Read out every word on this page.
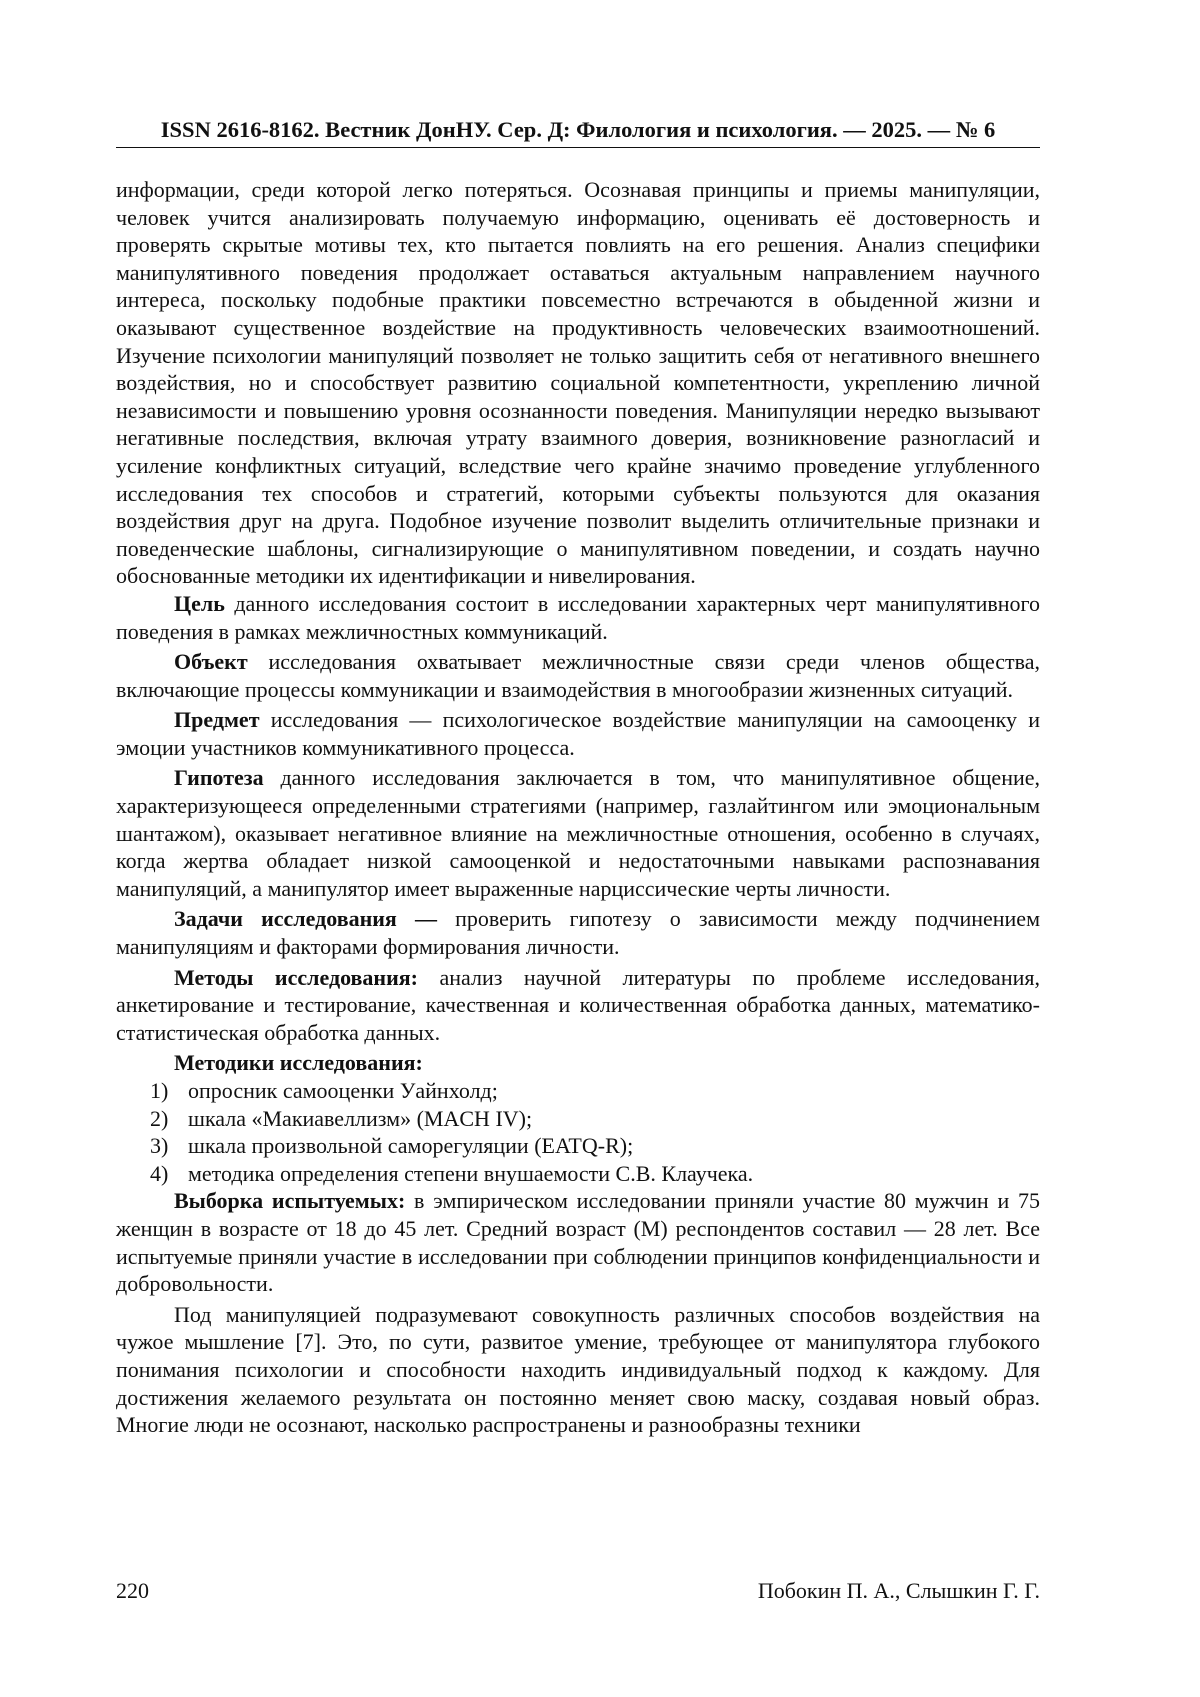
ISSN 2616-8162. Вестник ДонНУ. Сер. Д: Филология и психология. — 2025. — № 6

информации, среди которой легко потеряться. Осознавая принципы и приемы манипуляции, человек учится анализировать получаемую информацию, оценивать её достоверность и проверять скрытые мотивы тех, кто пытается повлиять на его решения. Анализ специфики манипулятивного поведения продолжает оставаться актуальным направлением научного интереса, поскольку подобные практики повсеместно встречаются в обыденной жизни и оказывают существенное воздействие на продуктивность человеческих взаимоотношений. Изучение психологии манипуляций позволяет не только защитить себя от негативного внешнего воздействия, но и способствует развитию социальной компетентности, укреплению личной независимости и повышению уровня осознанности поведения. Манипуляции нередко вызывают негативные последствия, включая утрату взаимного доверия, возникновение разногласий и усиление конфликтных ситуаций, вследствие чего крайне значимо проведение углубленного исследования тех способов и стратегий, которыми субъекты пользуются для оказания воздействия друг на друга. Подобное изучение позволит выделить отличительные признаки и поведенческие шаблоны, сигнализирующие о манипулятивном поведении, и создать научно обоснованные методики их идентификации и нивелирования.

Цель данного исследования состоит в исследовании характерных черт манипулятивного поведения в рамках межличностных коммуникаций.

Объект исследования охватывает межличностные связи среди членов общества, включающие процессы коммуникации и взаимодействия в многообразии жизненных ситуаций.

Предмет исследования — психологическое воздействие манипуляции на самооценку и эмоции участников коммуникативного процесса.

Гипотеза данного исследования заключается в том, что манипулятивное общение, характеризующееся определенными стратегиями (например, газлайтингом или эмоциональным шантажом), оказывает негативное влияние на межличностные отношения, особенно в случаях, когда жертва обладает низкой самооценкой и недостаточными навыками распознавания манипуляций, а манипулятор имеет выраженные нарциссические черты личности.

Задачи исследования — проверить гипотезу о зависимости между подчинением манипуляциям и факторами формирования личности.

Методы исследования: анализ научной литературы по проблеме исследования, анкетирование и тестирование, качественная и количественная обработка данных, математико-статистическая обработка данных.

Методики исследования:

1) опросник самооценки Уайнхолд;
2) шкала «Макиавеллизм» (MACH IV);
3) шкала произвольной саморегуляции (EATQ-R);
4) методика определения степени внушаемости С.В. Клаучека.

Выборка испытуемых: в эмпирическом исследовании приняли участие 80 мужчин и 75 женщин в возрасте от 18 до 45 лет. Средний возраст (M) респондентов составил — 28 лет. Все испытуемые приняли участие в исследовании при соблюдении принципов конфиденциальности и добровольности.

Под манипуляцией подразумевают совокупность различных способов воздействия на чужое мышление [7]. Это, по сути, развитое умение, требующее от манипулятора глубокого понимания психологии и способности находить индивидуальный подход к каждому. Для достижения желаемого результата он постоянно меняет свою маску, создавая новый образ. Многие люди не осознают, насколько распространены и разнообразны техники

220	Побокин П. А., Слышкин Г. Г.
